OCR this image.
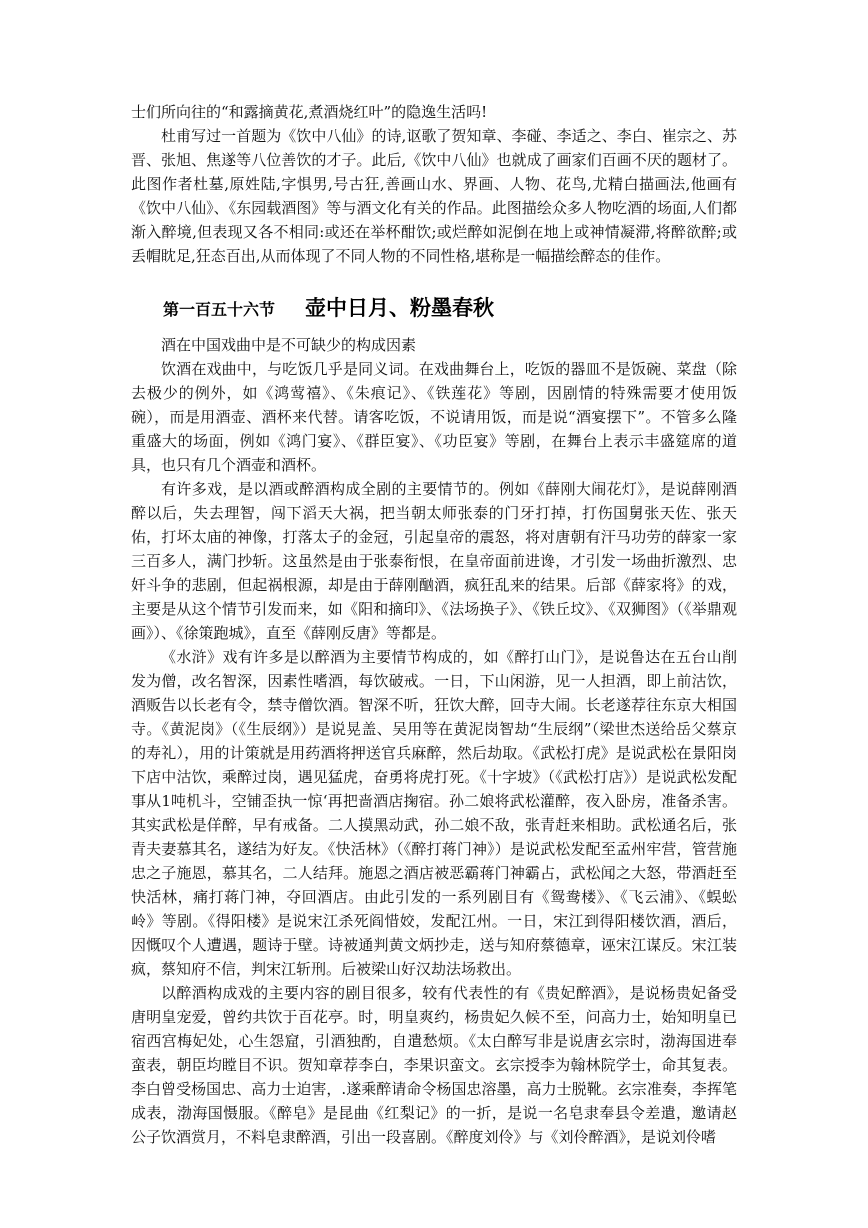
士们所向往的“和露摘黄花,煮酒烧红叶”的隐逸生活吗!

杜甫写过一首题为《饮中八仙》的诗,讴歌了贺知章、李碰、李适之、李白、崔宗之、苏晋、张旭、焦遂等八位善饮的才子。此后,《饮中八仙》也就成了画家们百画不厌的题材了。此图作者杜墓,原姓陆,字惧男,号古狂,善画山水、界画、人物、花鸟,尤精白描画法,他画有《饮中八仙》、《东园载酒图》等与酒文化有关的作品。此图描绘众多人物吃酒的场面,人们都渐入醉境,但表现又各不相同:或还在举杯酣饮;或烂醉如泥倒在地上或神情凝滞,将醉欲醉;或丢帽眈足,狂态百出,从而体现了不同人物的不同性格,堪称是一幅描绘醉态的佳作。

第一百五十六节 壶中日月、粉墨春秋

酒在中国戏曲中是不可缺少的构成因素

饮酒在戏曲中，与吃饭几乎是同义词。在戏曲舞台上，吃饭的器皿不是饭碗、菜盘（除去极少的例外，如《鸿莺禧》、《朱痕记》、《铁莲花》等剧，因剧情的特殊需要才使用饭碗），而是用酒壶、酒杯来代替。请客吃饭，不说请用饭，而是说“酒宴摆下”。不管多么隆重盛大的场面，例如《鸿门宴》、《群臣宴》、《功臣宴》等剧，在舞台上表示丰盛筵席的道具，也只有几个酒壶和酒杯。

有许多戏，是以酒或醉酒构成全剧的主要情节的。例如《薛刚大闹花灯》，是说薛刚酒醉以后，失去理智，闯下滔天大祸，把当朝太师张泰的门牙打掉，打伤国舅张天佐、张天佑，打坏太庙的神像，打落太子的金冠，引起皇帝的震怒，将对唐朝有汗马功劳的薛家一家三百多人，满门抄斩。这虽然是由于张泰衔恨，在皇帝面前进谗，才引发一场曲折激烈、忠奸斗争的悲剧，但起祸根源，却是由于薛刚酗酒，疯狂乱来的结果。后部《薛家将》的戏，主要是从这个情节引发而来，如《阳和摘印》、《法场换子》、《铁丘坟》、《双狮图》（《举鼎观画》）、《徐策跑城》，直至《薛刚反唐》等都是。

《水浒》戏有许多是以醉酒为主要情节构成的，如《醉打山门》，是说鲁达在五台山削发为僧，改名智深，因素性嗜酒，每饮破戒。一日，下山闲游，见一人担酒，即上前沽饮，酒贩告以长老有令，禁寺僧饮酒。智深不听，狂饮大醉，回寺大闹。长老遂荐往东京大相国寺。《黄泥岗》（《生辰纲》）是说晃盖、吴用等在黄泥岗智劫“生辰纲”（梁世杰送给岳父蔡京的寿礼），用的计策就是用药酒将押送官兵麻醉，然后劫取。《武松打虎》是说武松在景阳岗下店中沽饮，乘醉过岗，遇见猛虎，奋勇将虎打死。《十字坡》（《武松打店》）是说武松发配事从1吨机斗，空铺歪执一惊‘再把啬酒店掬宿。孙二娘将武松灌醉，夜入卧房，准备杀害。其实武松是佯醉，早有戒备。二人摸黑动武，孙二娘不敌，张青赶来相助。武松通名后，张青夫妻慕其名，遂结为好友。《快活林》（《醉打蒋门神》）是说武松发配至孟州牢营，管营施忠之子施恩，慕其名，二人结拜。施恩之酒店被恶霸蒋门神霸占，武松闻之大怒，带酒赶至快活林，痛打蒋门神，夺回酒店。由此引发的一系列剧目有《鸳鸯楼》、《飞云浦》、《蜈蚣岭》等剧。《得阳楼》是说宋江杀死阎惜姣，发配江州。一日，宋江到得阳楼饮酒，酒后，因慨叹个人遭遇，题诗于壁。诗被通判黄文炳抄走，送与知府蔡德章，诬宋江谋反。宋江装疯，蔡知府不信，判宋江斩刑。后被梁山好汉劫法场救出。

以醉酒构成戏的主要内容的剧目很多，较有代表性的有《贵妃醉酒》，是说杨贵妃备受唐明皇宠爱，曾约共饮于百花亭。时，明皇爽约，杨贵妃久候不至，问高力士，始知明皇已宿西宫梅妃处，心生怨窟，引酒独酌，自遣愁烦。《太白醉写非是说唐玄宗时，渤海国进奉蛮表，朝臣均瞠目不识。贺知章荐李白，李果识蛮文。玄宗授李为翰林院学士，命其复表。李白曾受杨国忠、高力士迫害，.遂乘醉请命令杨国忠溶墨，高力士脱靴。玄宗准奏，李挥笔成表，渤海国慑服。《醉皂》是昆曲《红梨记》的一折，是说一名皂隶奉县令差遣，邀请赵公子饮酒赏月，不料皂隶醉酒，引出一段喜剧。《醉度刘伶》与《刘伶醉酒》，是说刘伶嗜
